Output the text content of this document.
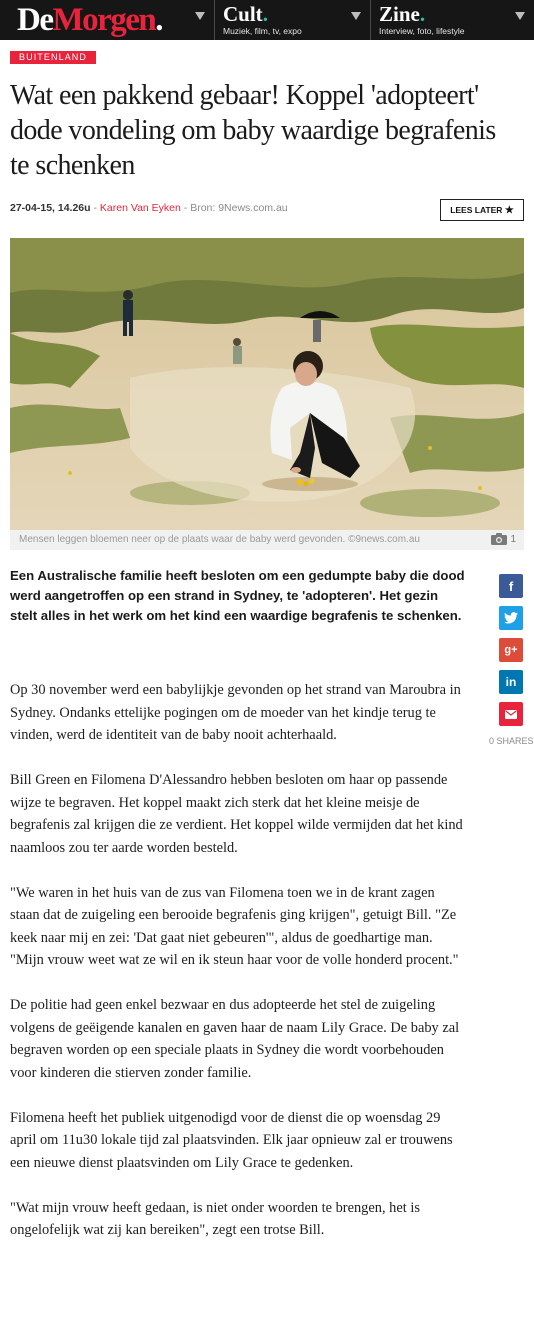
DeMorgen.	Cult.
Muziek, film, tv, expo
Zine.
Interview, foto, lifestyle
BUITENLAND
Wat een pakkend gebaar! Koppel 'adopteert' dode vondeling om baby waardige begrafenis te schenken
27-04-15, 14.26u - Karen Van Eyken - Bron: 9News.com.au	LEES LATER ★
Mensen leggen bloemen neer op de plaats waar de baby werd gevonden. ©9news.com.au	1

Een Australische familie heeft besloten om een gedumpte baby die dood werd aangetroffen op een strand in Sydney, te 'adopteren'. Het gezin stelt alles in het werk om het kind een waardige begrafenis te schenken.

f
g+
in
0 SHARES

Op 30 november werd een babylijkje gevonden op het strand van Maroubra in Sydney. Ondanks ettelijke pogingen om de moeder van het kindje terug te vinden, werd de identiteit van de baby nooit achterhaald.

Bill Green en Filomena D'Alessandro hebben besloten om haar op passende wijze te begraven. Het koppel maakt zich sterk dat het kleine meisje de begrafenis zal krijgen die ze verdient. Het koppel wilde vermijden dat het kind naamloos zou ter aarde worden besteld.

"We waren in het huis van de zus van Filomena toen we in de krant zagen staan dat de zuigeling een berooide begrafenis ging krijgen", getuigt Bill. "Ze keek naar mij en zei: 'Dat gaat niet gebeuren'", aldus de goedhartige man. "Mijn vrouw weet wat ze wil en ik steun haar voor de volle honderd procent."

De politie had geen enkel bezwaar en dus adopteerde het stel de zuigeling volgens de geëigende kanalen en gaven haar de naam Lily Grace. De baby zal begraven worden op een speciale plaats in Sydney die wordt voorbehouden voor kinderen die stierven zonder familie.

Filomena heeft het publiek uitgenodigd voor de dienst die op woensdag 29 april om 11u30 lokale tijd zal plaatsvinden. Elk jaar opnieuw zal er trouwens een nieuwe dienst plaatsvinden om Lily Grace te gedenken.

"Wat mijn vrouw heeft gedaan, is niet onder woorden te brengen, het is ongelofelijk wat zij kan bereiken", zegt een trotse Bill.
